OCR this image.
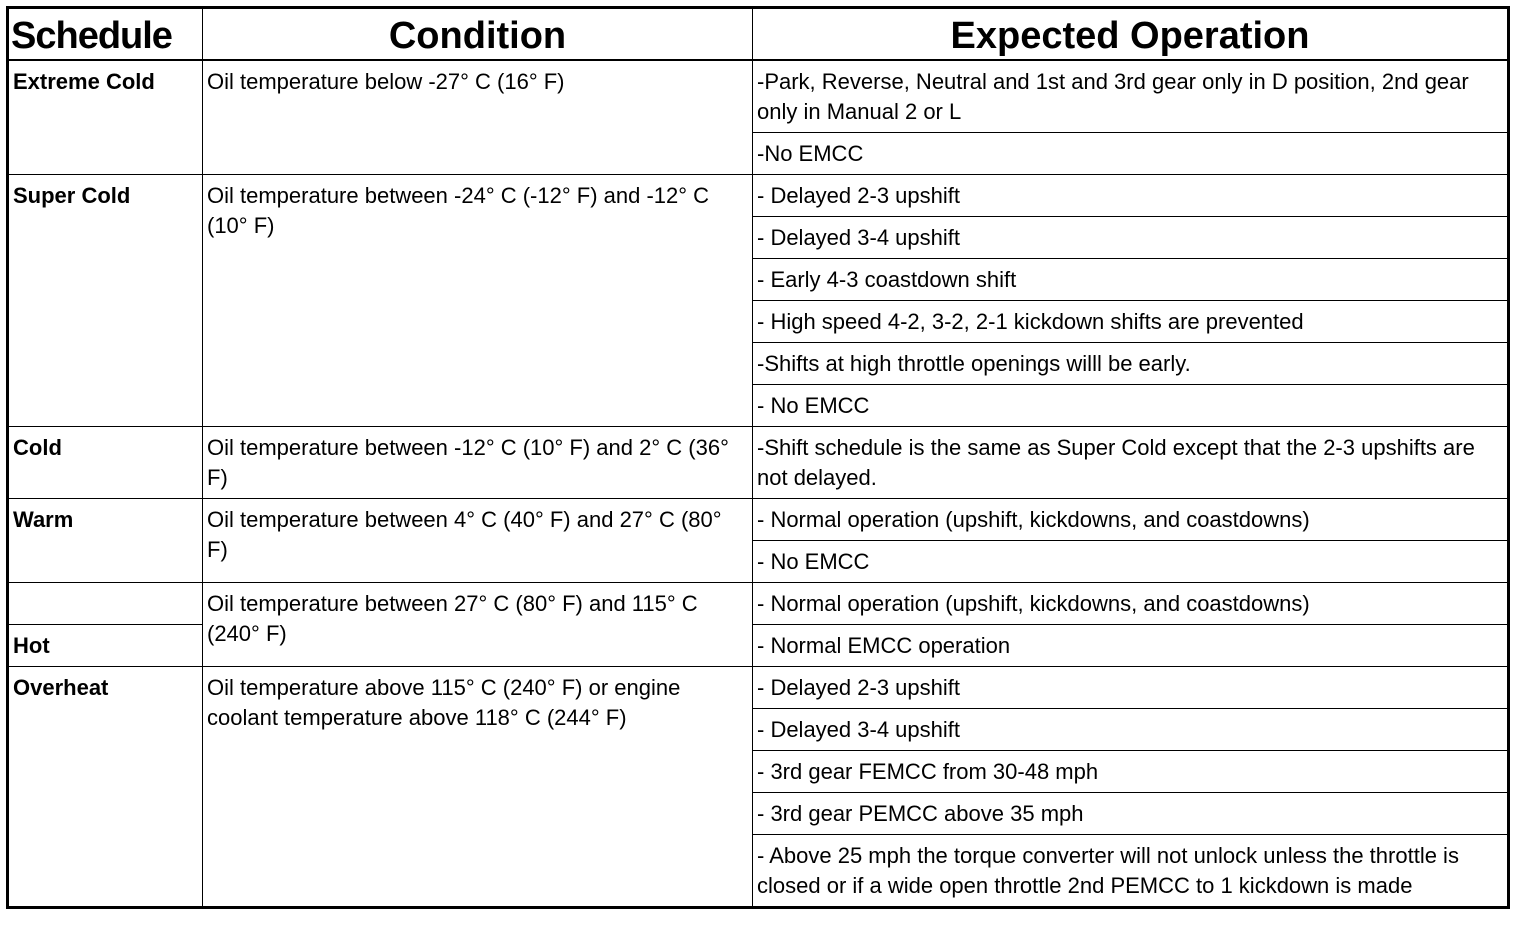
Schedule	Condition	Expected Operation
Extreme Cold	Oil temperature below -27° C (16° F)	-Park, Reverse, Neutral and 1st and 3rd gear only in D position, 2nd gear only in Manual 2 or L
		-No EMCC
Super Cold	Oil temperature between -24° C (-12° F) and -12° C (10° F)	- Delayed 2-3 upshift
		- Delayed 3-4 upshift
		- Early 4-3 coastdown shift
		- High speed 4-2, 3-2, 2-1 kickdown shifts are prevented
		-Shifts at high throttle openings willl be early.
		- No EMCC
Cold	Oil temperature between -12° C (10° F) and 2° C (36° F)	-Shift schedule is the same as Super Cold except that the 2-3 upshifts are not delayed.
Warm	Oil temperature between 4° C (40° F) and 27° C (80° F)	- Normal operation (upshift, kickdowns, and coastdowns)
		- No EMCC
	Oil temperature between 27° C (80° F) and 115° C (240° F)	- Normal operation (upshift, kickdowns, and coastdowns)
Hot		- Normal EMCC operation
Overheat	Oil temperature above 115° C (240° F) or engine coolant temperature above 118° C (244° F)	- Delayed 2-3 upshift
		- Delayed 3-4 upshift
		- 3rd gear FEMCC from 30-48 mph
		- 3rd gear PEMCC above 35 mph
		- Above 25 mph the torque converter will not unlock unless the throttle is closed or if a wide open throttle 2nd PEMCC to 1 kickdown is made
